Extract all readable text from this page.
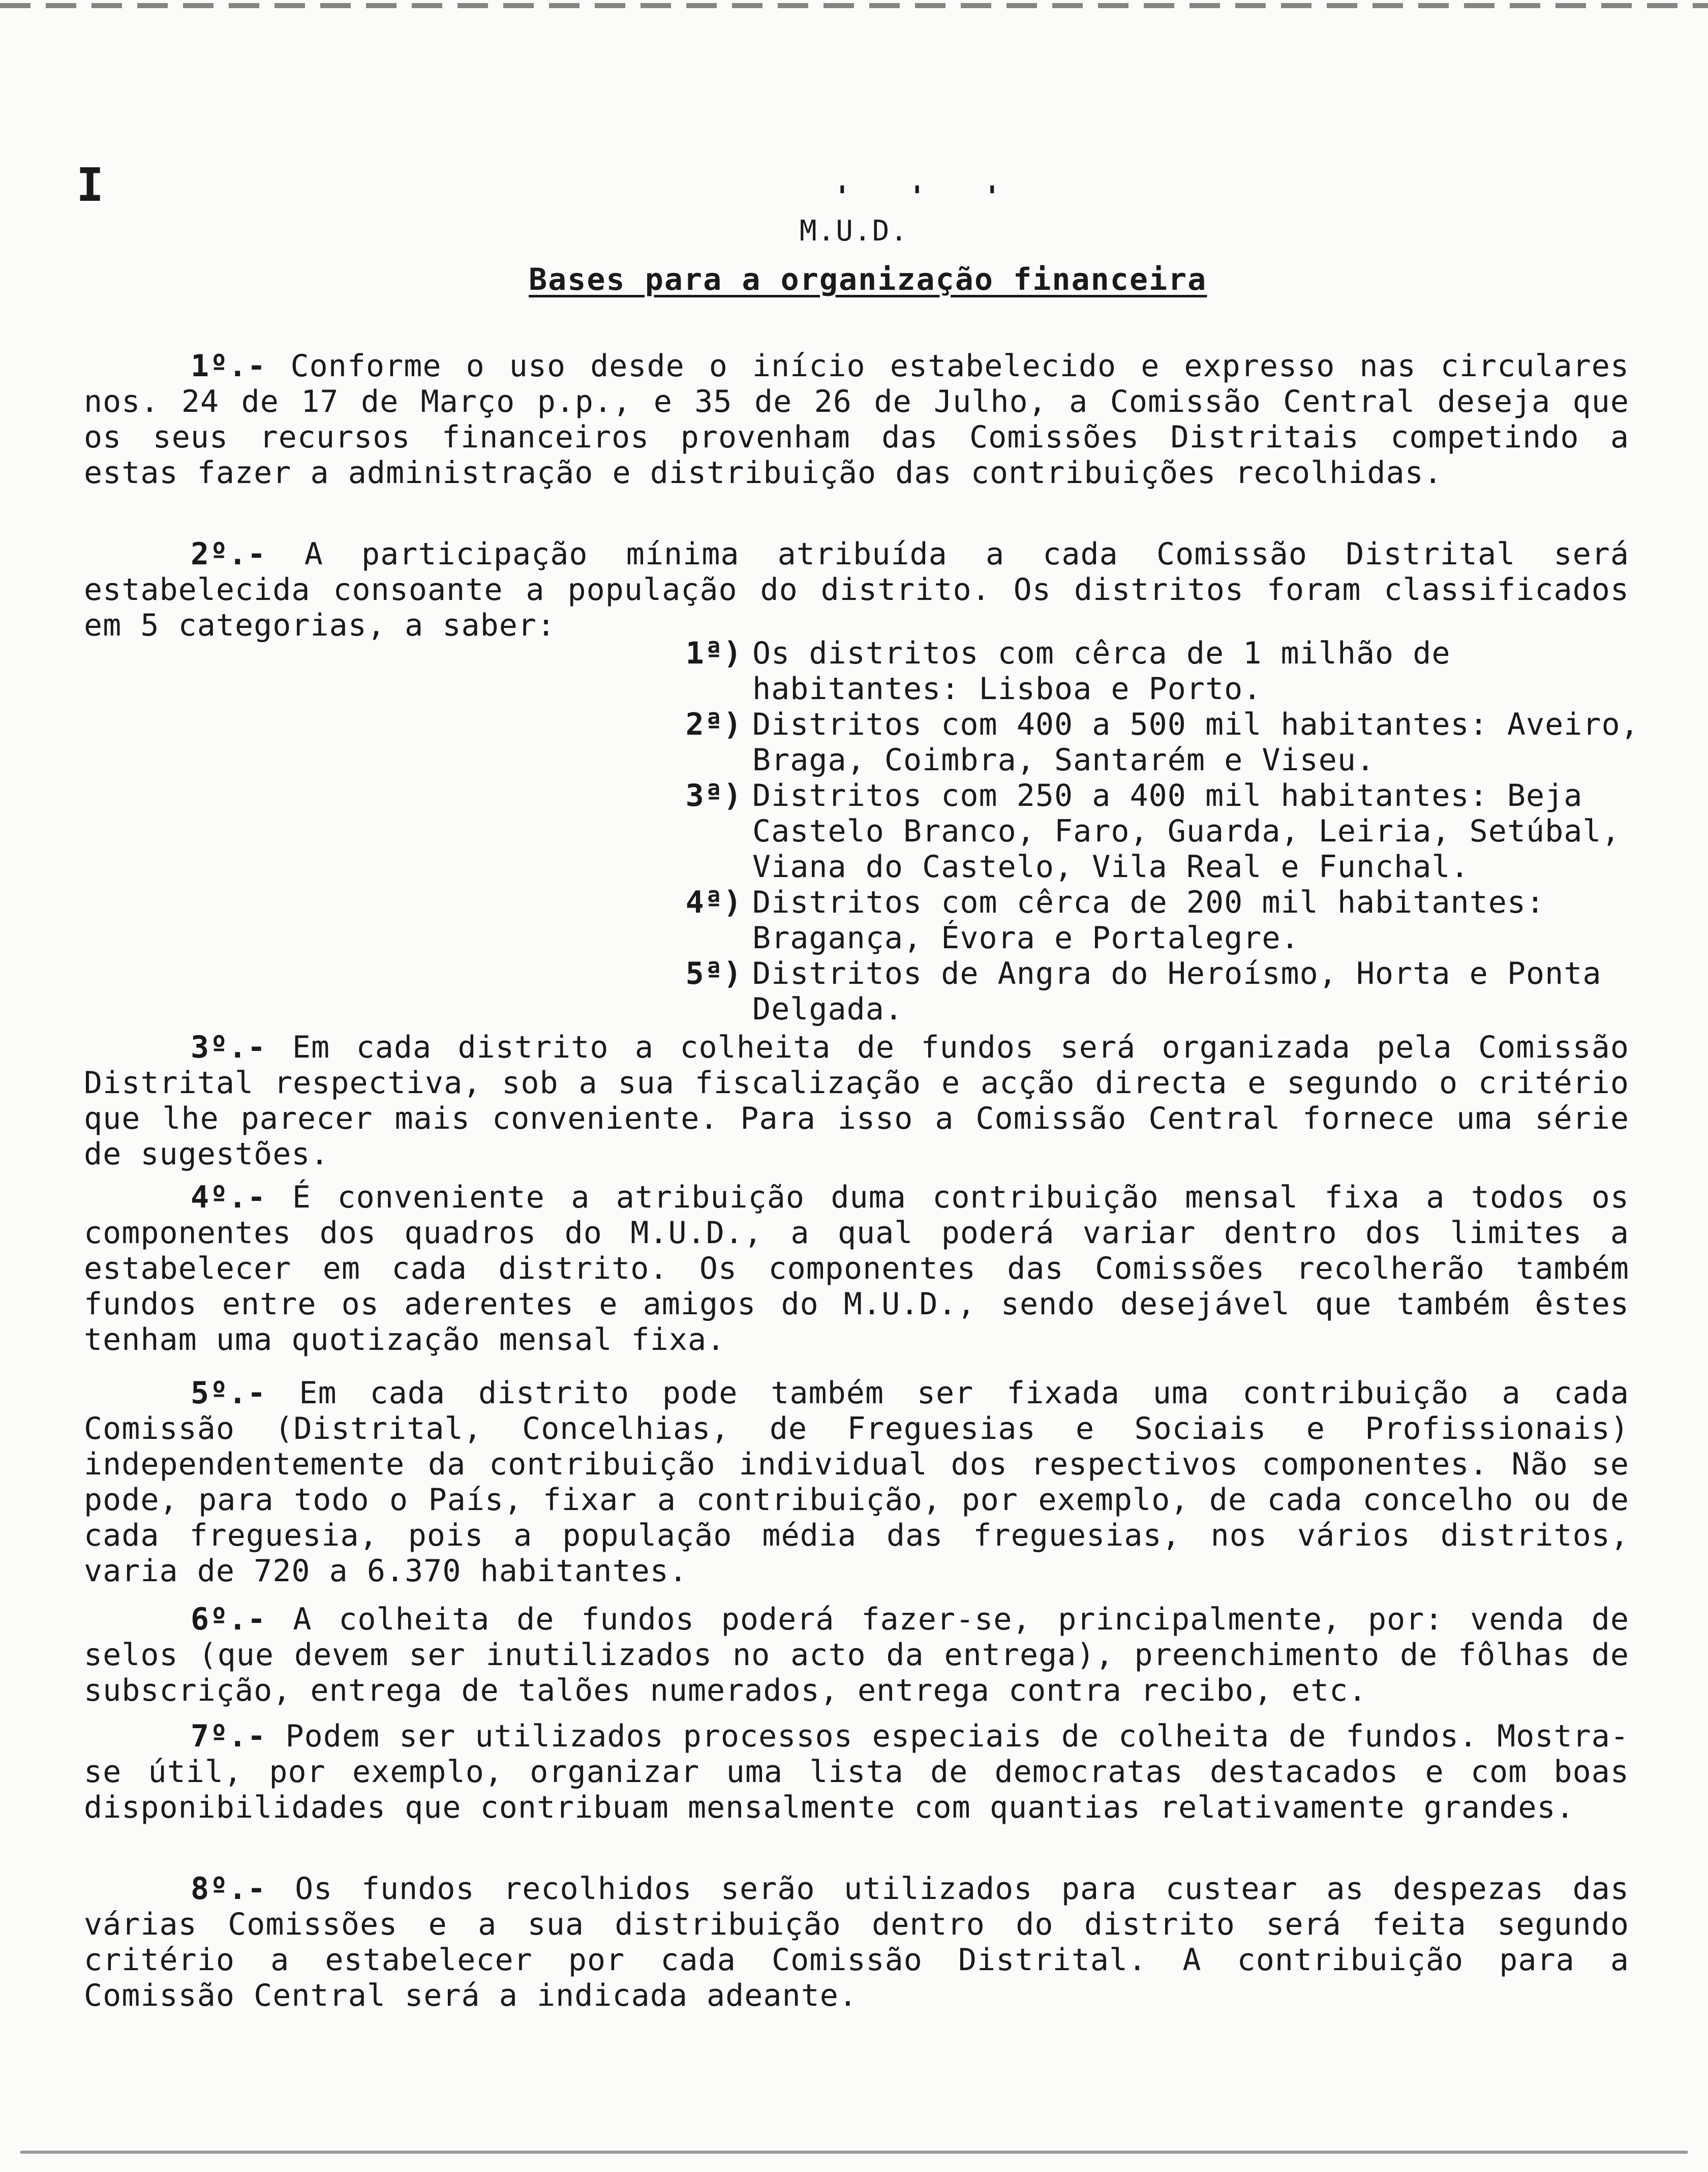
I	' ' '
M.U.D.
Bases para a organização financeira

1º.- Conforme o uso desde o início estabelecido e expresso nas circulares nos. 24 de 17 de Março p.p., e 35 de 26 de Julho, a Comissão Central deseja que os seus recursos financeiros provenham das Comissões Distritais competindo a estas fazer a administração e distribuição das contribuições recolhidas.

2º.- A participação mínima atribuída a cada Comissão Distrital será estabelecida consoante a população do distrito. Os distritos foram classificados em 5 categorias, a saber:

1ª) Os distritos com cêrca de 1 milhão de habitantes: Lisboa e Porto.
2ª) Distritos com 400 a 500 mil habitantes: Aveiro, Braga, Coimbra, Santarém e Viseu.
3ª) Distritos com 250 a 400 mil habitantes: Beja Castelo Branco, Faro, Guarda, Leiria, Setúbal, Viana do Castelo, Vila Real e Funchal.
4ª) Distritos com cêrca de 200 mil habitantes: Bragança, Évora e Portalegre.
5ª) Distritos de Angra do Heroísmo, Horta e Ponta Delgada.

3º.- Em cada distrito a colheita de fundos será organizada pela Comissão Distrital respectiva, sob a sua fiscalização e acção directa e segundo o critério que lhe parecer mais conveniente. Para isso a Comissão Central fornece uma série de sugestões.

4º.- É conveniente a atribuição duma contribuição mensal fixa a todos os componentes dos quadros do M.U.D., a qual poderá variar dentro dos limites a estabelecer em cada distrito. Os componentes das Comissões recolherão também fundos entre os aderentes e amigos do M.U.D., sendo desejável que também êstes tenham uma quotização mensal fixa.

5º.- Em cada distrito pode também ser fixada uma contribuição a cada Comissão (Distrital, Concelhias, de Freguesias e Sociais e Profissionais) independentemente da contribuição individual dos respectivos componentes. Não se pode, para todo o País, fixar a contribuição, por exemplo, de cada concelho ou de cada freguesia, pois a população média das freguesias, nos vários distritos, varia de 720 a 6.370 habitantes.

6º.- A colheita de fundos poderá fazer-se, principalmente, por: venda de selos (que devem ser inutilizados no acto da entrega), preenchimento de fôlhas de subscrição, entrega de talões numerados, entrega contra recibo, etc.

7º.- Podem ser utilizados processos especiais de colheita de fundos. Mostra-se útil, por exemplo, organizar uma lista de democratas destacados e com boas disponibilidades que contribuam mensalmente com quantias relativamente grandes.

8º.- Os fundos recolhidos serão utilizados para custear as despezas das várias Comissões e a sua distribuição dentro do distrito será feita segundo critério a estabelecer por cada Comissão Distrital. A contribuição para a Comissão Central será a indicada adeante.
